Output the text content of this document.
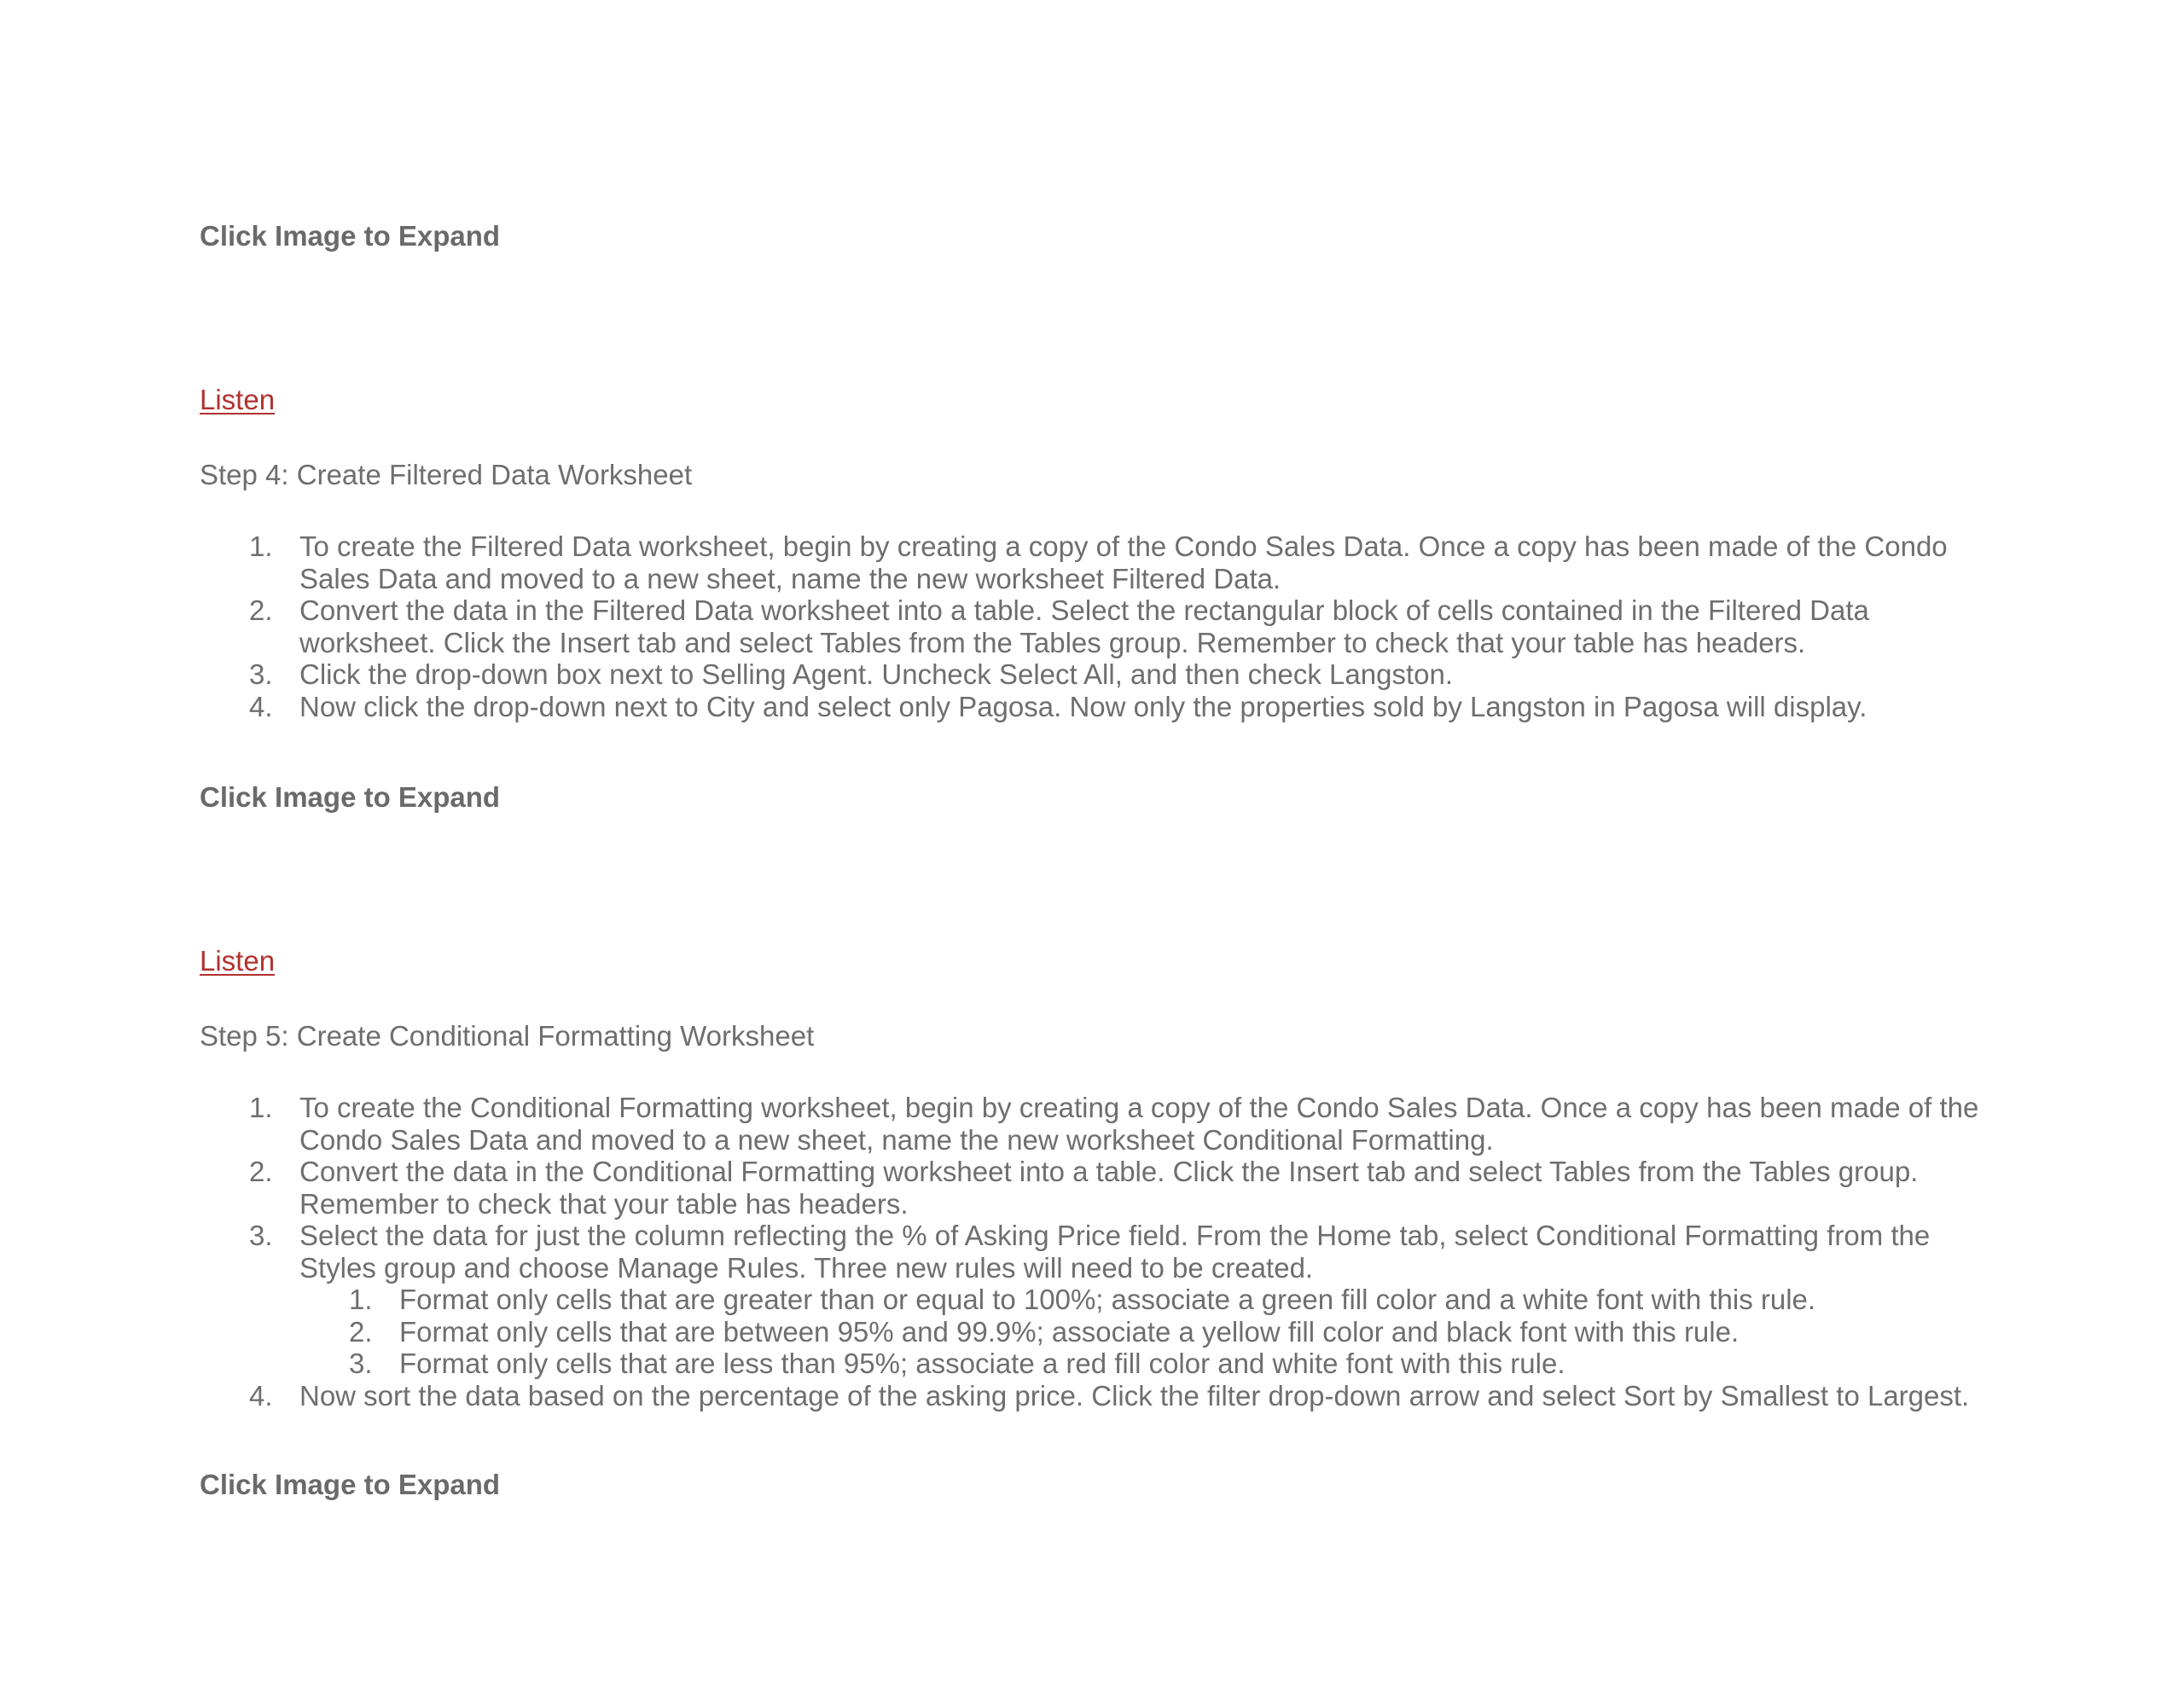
Click Image to Expand
Listen
Step 4: Create Filtered Data Worksheet
1. To create the Filtered Data worksheet, begin by creating a copy of the Condo Sales Data. Once a copy has been made of the Condo Sales Data and moved to a new sheet, name the new worksheet Filtered Data.
2. Convert the data in the Filtered Data worksheet into a table. Select the rectangular block of cells contained in the Filtered Data worksheet. Click the Insert tab and select Tables from the Tables group. Remember to check that your table has headers.
3. Click the drop-down box next to Selling Agent. Uncheck Select All, and then check Langston.
4. Now click the drop-down next to City and select only Pagosa. Now only the properties sold by Langston in Pagosa will display.
Click Image to Expand
Listen
Step 5: Create Conditional Formatting Worksheet
1. To create the Conditional Formatting worksheet, begin by creating a copy of the Condo Sales Data. Once a copy has been made of the Condo Sales Data and moved to a new sheet, name the new worksheet Conditional Formatting.
2. Convert the data in the Conditional Formatting worksheet into a table. Click the Insert tab and select Tables from the Tables group. Remember to check that your table has headers.
3. Select the data for just the column reflecting the % of Asking Price field. From the Home tab, select Conditional Formatting from the Styles group and choose Manage Rules. Three new rules will need to be created.
1. Format only cells that are greater than or equal to 100%; associate a green fill color and a white font with this rule.
2. Format only cells that are between 95% and 99.9%; associate a yellow fill color and black font with this rule.
3. Format only cells that are less than 95%; associate a red fill color and white font with this rule.
4. Now sort the data based on the percentage of the asking price. Click the filter drop-down arrow and select Sort by Smallest to Largest.
Click Image to Expand
